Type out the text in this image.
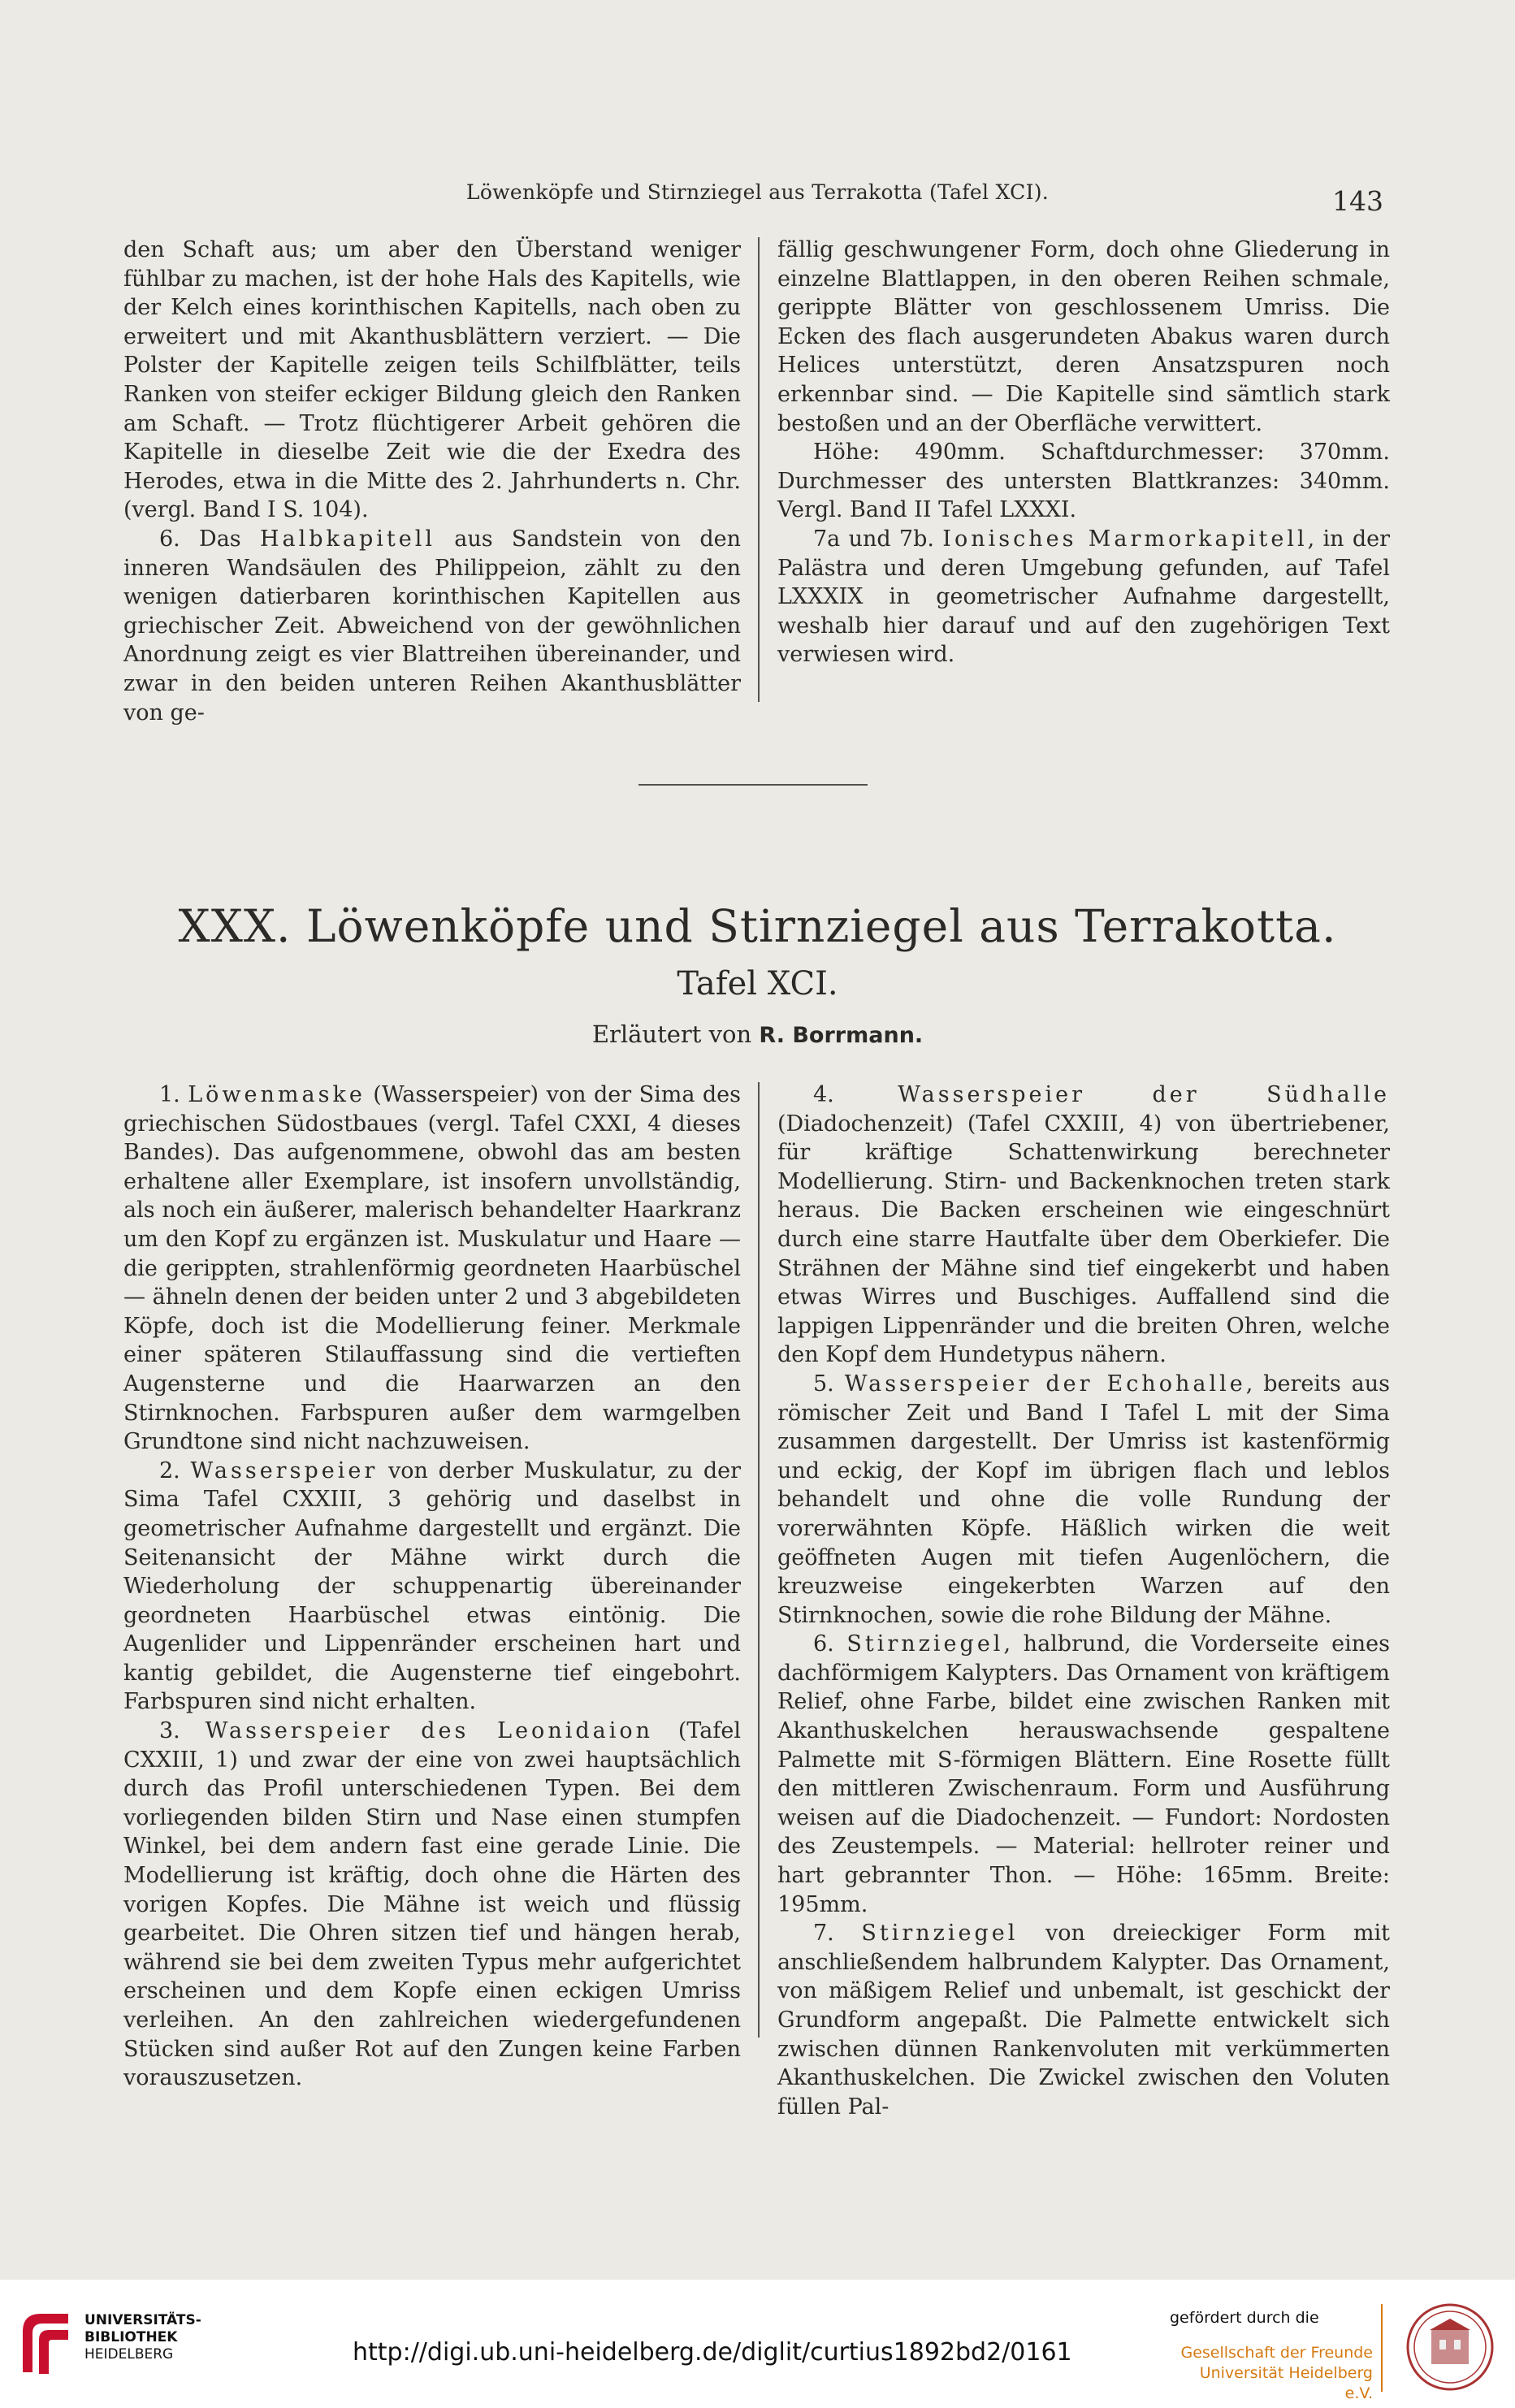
Löwenköpfe und Stirnziegel aus Terrakotta (Tafel XCI).	143

den Schaft aus; um aber den Überstand weniger fühlbar zu machen, ist der hohe Hals des Kapitells, wie der Kelch eines korinthischen Kapitells, nach oben zu erweitert und mit Akanthusblättern verziert. — Die Polster der Kapitelle zeigen teils Schilfblätter, teils Ranken von steifer eckiger Bildung gleich den Ranken am Schaft. — Trotz flüchtigerer Arbeit gehören die Kapitelle in dieselbe Zeit wie die der Exedra des Herodes, etwa in die Mitte des 2. Jahrhunderts n. Chr. (vergl. Band I S. 104).

6. Das Halbkapitell aus Sandstein von den inneren Wandsäulen des Philippeion, zählt zu den wenigen datierbaren korinthischen Kapitellen aus griechischer Zeit. Abweichend von der gewöhnlichen Anordnung zeigt es vier Blattreihen übereinander, und zwar in den beiden unteren Reihen Akanthusblätter von ge-

fällig geschwungener Form, doch ohne Gliederung in einzelne Blattlappen, in den oberen Reihen schmale, gerippte Blätter von geschlossenem Umriss. Die Ecken des flach ausgerundeten Abakus waren durch Helices unterstützt, deren Ansatzspuren noch erkennbar sind. — Die Kapitelle sind sämtlich stark bestoßen und an der Oberfläche verwittert.

Höhe: 490mm. Schaftdurchmesser: 370mm. Durchmesser des untersten Blattkranzes: 340mm. Vergl. Band II Tafel LXXXI.

7a und 7b. Ionisches Marmorkapitell, in der Palästra und deren Umgebung gefunden, auf Tafel LXXXIX in geometrischer Aufnahme dargestellt, weshalb hier darauf und auf den zugehörigen Text verwiesen wird.

XXX. Löwenköpfe und Stirnziegel aus Terrakotta.
Tafel XCI.
Erläutert von R. Borrmann.

1. Löwenmaske (Wasserspeier) von der Sima des griechischen Südostbaues (vergl. Tafel CXXI, 4 dieses Bandes). Das aufgenommene, obwohl das am besten erhaltene aller Exemplare, ist insofern unvollständig, als noch ein äußerer, malerisch behandelter Haarkranz um den Kopf zu ergänzen ist. Muskulatur und Haare — die gerippten, strahlenförmig geordneten Haarbüschel — ähneln denen der beiden unter 2 und 3 abgebildeten Köpfe, doch ist die Modellierung feiner. Merkmale einer späteren Stilauffassung sind die vertieften Augensterne und die Haarwarzen an den Stirnknochen. Farbspuren außer dem warmgelben Grundtone sind nicht nachzuweisen.

2. Wasserspeier von derber Muskulatur, zu der Sima Tafel CXXIII, 3 gehörig und daselbst in geometrischer Aufnahme dargestellt und ergänzt. Die Seitenansicht der Mähne wirkt durch die Wiederholung der schuppenartig übereinander geordneten Haarbüschel etwas eintönig. Die Augenlider und Lippenränder erscheinen hart und kantig gebildet, die Augensterne tief eingebohrt. Farbspuren sind nicht erhalten.

3. Wasserspeier des Leonidaion (Tafel CXXIII, 1) und zwar der eine von zwei hauptsächlich durch das Profil unterschiedenen Typen. Bei dem vorliegenden bilden Stirn und Nase einen stumpfen Winkel, bei dem andern fast eine gerade Linie. Die Modellierung ist kräftig, doch ohne die Härten des vorigen Kopfes. Die Mähne ist weich und flüssig gearbeitet. Die Ohren sitzen tief und hängen herab, während sie bei dem zweiten Typus mehr aufgerichtet erscheinen und dem Kopfe einen eckigen Umriss verleihen. An den zahlreichen wiedergefundenen Stücken sind außer Rot auf den Zungen keine Farben vorauszusetzen.

4. Wasserspeier der Südhalle (Diadochenzeit) (Tafel CXXIII, 4) von übertriebener, für kräftige Schattenwirkung berechneter Modellierung. Stirn- und Backenknochen treten stark heraus. Die Backen erscheinen wie eingeschnürt durch eine starre Hautfalte über dem Oberkiefer. Die Strähnen der Mähne sind tief eingekerbt und haben etwas Wirres und Buschiges. Auffallend sind die lappigen Lippenränder und die breiten Ohren, welche den Kopf dem Hundetypus nähern.

5. Wasserspeier der Echohalle, bereits aus römischer Zeit und Band I Tafel L mit der Sima zusammen dargestellt. Der Umriss ist kastenförmig und eckig, der Kopf im übrigen flach und leblos behandelt und ohne die volle Rundung der vorerwähnten Köpfe. Häßlich wirken die weit geöffneten Augen mit tiefen Augenlöchern, die kreuzweise eingekerbten Warzen auf den Stirnknochen, sowie die rohe Bildung der Mähne.

6. Stirnziegel, halbrund, die Vorderseite eines dachförmigem Kalypters. Das Ornament von kräftigem Relief, ohne Farbe, bildet eine zwischen Ranken mit Akanthuskelchen herauswachsende gespaltene Palmette mit S-förmigen Blättern. Eine Rosette füllt den mittleren Zwischenraum. Form und Ausführung weisen auf die Diadochenzeit. — Fundort: Nordosten des Zeustempels. — Material: hellroter reiner und hart gebrannter Thon. — Höhe: 165mm. Breite: 195mm.

7. Stirnziegel von dreieckiger Form mit anschließendem halbrundem Kalypter. Das Ornament, von mäßigem Relief und unbemalt, ist geschickt der Grundform angepaßt. Die Palmette entwickelt sich zwischen dünnen Rankenvoluten mit verkümmerten Akanthuskelchen. Die Zwickel zwischen den Voluten füllen Pal-

UNIVERSITÄTS-
BIBLIOTHEK
HEIDELBERG	http://digi.ub.uni-heidelberg.de/diglit/curtius1892bd2/0161
gefördert durch die
Gesellschaft der Freunde
Universität Heidelberg e.V.
